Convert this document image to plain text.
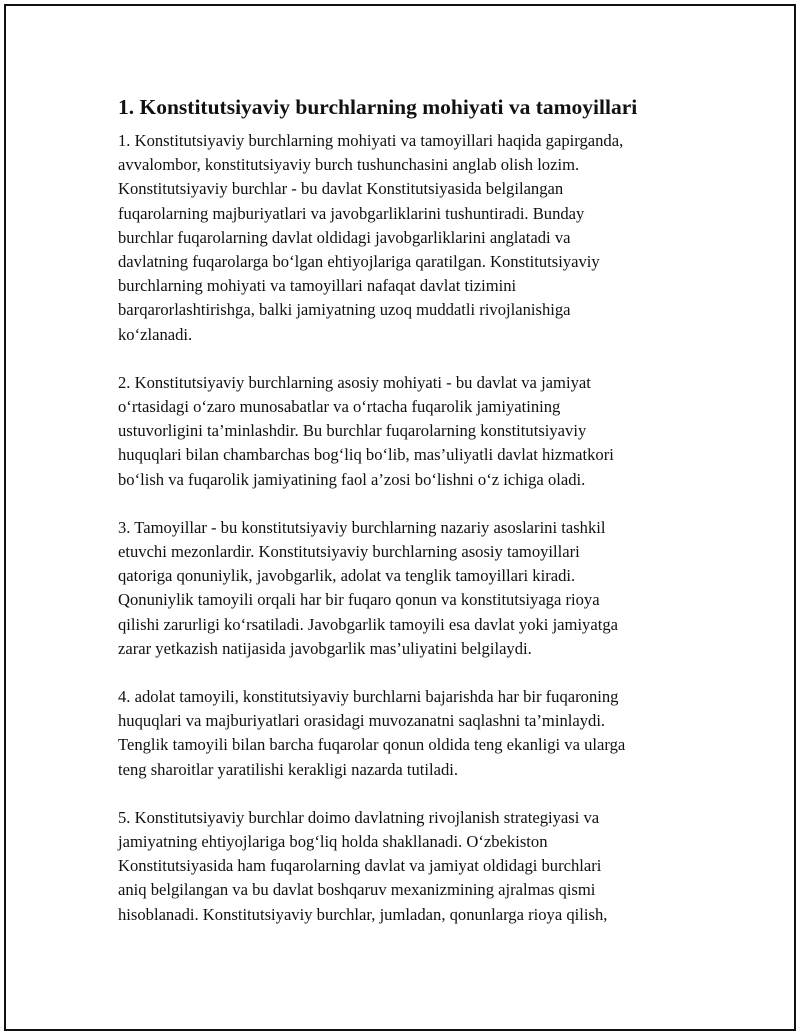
1. Konstitutsiyaviy burchlarning mohiyati va tamoyillari
1. Konstitutsiyaviy burchlarning mohiyati va tamoyillari haqida gapirganda,
avvalombor, konstitutsiyaviy burch tushunchasini anglab olish lozim.
Konstitutsiyaviy burchlar - bu davlat Konstitutsiyasida belgilangan
fuqarolarning majburiyatlari va javobgarliklarini tushuntiradi. Bunday
burchlar fuqarolarning davlat oldidagi javobgarliklarini anglatadi va
davlatning fuqarolarga bo‘lgan ehtiyojlariga qaratilgan. Konstitutsiyaviy
burchlarning mohiyati va tamoyillari nafaqat davlat tizimini
barqarorlashtirishga, balki jamiyatning uzoq muddatli rivojlanishiga
ko‘zlanadi.
2. Konstitutsiyaviy burchlarning asosiy mohiyati - bu davlat va jamiyat
o‘rtasidagi o‘zaro munosabatlar va o‘rtacha fuqarolik jamiyatining
ustuvorligini ta’minlashdir. Bu burchlar fuqarolarning konstitutsiyaviy
huquqlari bilan chambarchas bog‘liq bo‘lib, mas’uliyatli davlat hizmatkori
bo‘lish va fuqarolik jamiyatining faol a’zosi bo‘lishni o‘z ichiga oladi.
3. Tamoyillar - bu konstitutsiyaviy burchlarning nazariy asoslarini tashkil
etuvchi mezonlardir. Konstitutsiyaviy burchlarning asosiy tamoyillari
qatoriga qonuniylik, javobgarlik, adolat va tenglik tamoyillari kiradi.
Qonuniylik tamoyili orqali har bir fuqaro qonun va konstitutsiyaga rioya
qilishi zarurligi ko‘rsatiladi. Javobgarlik tamoyili esa davlat yoki jamiyatga
zarar yetkazish natijasida javobgarlik mas’uliyatini belgilaydi.
4. adolat tamoyili, konstitutsiyaviy burchlarni bajarishda har bir fuqaroning
huquqlari va majburiyatlari orasidagi muvozanatni saqlashni ta’minlaydi.
Tenglik tamoyili bilan barcha fuqarolar qonun oldida teng ekanligi va ularga
teng sharoitlar yaratilishi kerakligi nazarda tutiladi.
5. Konstitutsiyaviy burchlar doimo davlatning rivojlanish strategiyasi va
jamiyatning ehtiyojlariga bog‘liq holda shakllanadi. O‘zbekiston
Konstitutsiyasida ham fuqarolarning davlat va jamiyat oldidagi burchlari
aniq belgilangan va bu davlat boshqaruv mexanizmining ajralmas qismi
hisoblanadi. Konstitutsiyaviy burchlar, jumladan, qonunlarga rioya qilish,
